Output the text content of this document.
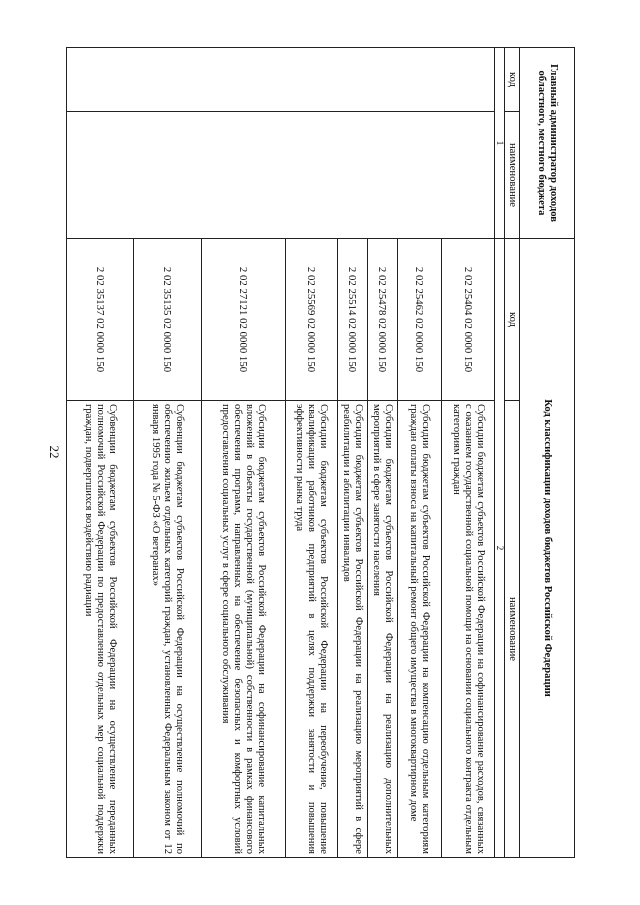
22
Главный администратор доходов областного, местного бюджета		Код классификации доходов бюджетов Российской Федерации	
код	наименование	код	наименование
1		2	
		2 02 25404 02 0000 150	Субсидии бюджетам субъектов Российской Федерации на софинансирование расходов, связанных с оказанием государственной социальной помощи на основании социального контракта отдельным категориям граждан
		2 02 25462 02 0000 150	Субсидии бюджетам субъектов Российской Федерации на компенсацию отдельным категориям граждан оплаты взноса на капитальный ремонт общего имущества в многоквартирном доме
		2 02 25478 02 0000 150	Субсидии бюджетам субъектов Российской Федерации на реализацию дополнительных мероприятий в сфере занятости населения
		2 02 25514 02 0000 150	Субсидии бюджетам субъектов Российской Федерации на реализацию мероприятий в сфере реабилитации и абилитации инвалидов
		2 02 25569 02 0000 150	Субсидии бюджетам субъектов Российской Федерации на переобучение, повышение квалификации работников предприятий в целях поддержки занятости и повышения эффективности рынка труда
		2 02 27121 02 0000 150	Субсидии бюджетам субъектов Российской Федерации на софинансирование капитальных вложений в объекты государственной (муниципальной) собственности в рамках финансового обеспечения программ, направленных на обеспечение безопасных и комфортных условий предоставления социальных услуг в сфере социального обслуживания
		2 02 35135 02 0000 150	Субвенции бюджетам субъектов Российской Федерации на осуществление полномочий по обеспечению жильем отдельных категорий граждан, установленных Федеральным законом от 12 января 1995 года № 5-ФЗ «О ветеранах»
		2 02 35137 02 0000 150	Субвенции бюджетам субъектов Российской Федерации на осуществление переданных полномочий Российской Федерации по предоставлению отдельных мер социальной поддержки граждан, подвергшихся воздействию радиации
